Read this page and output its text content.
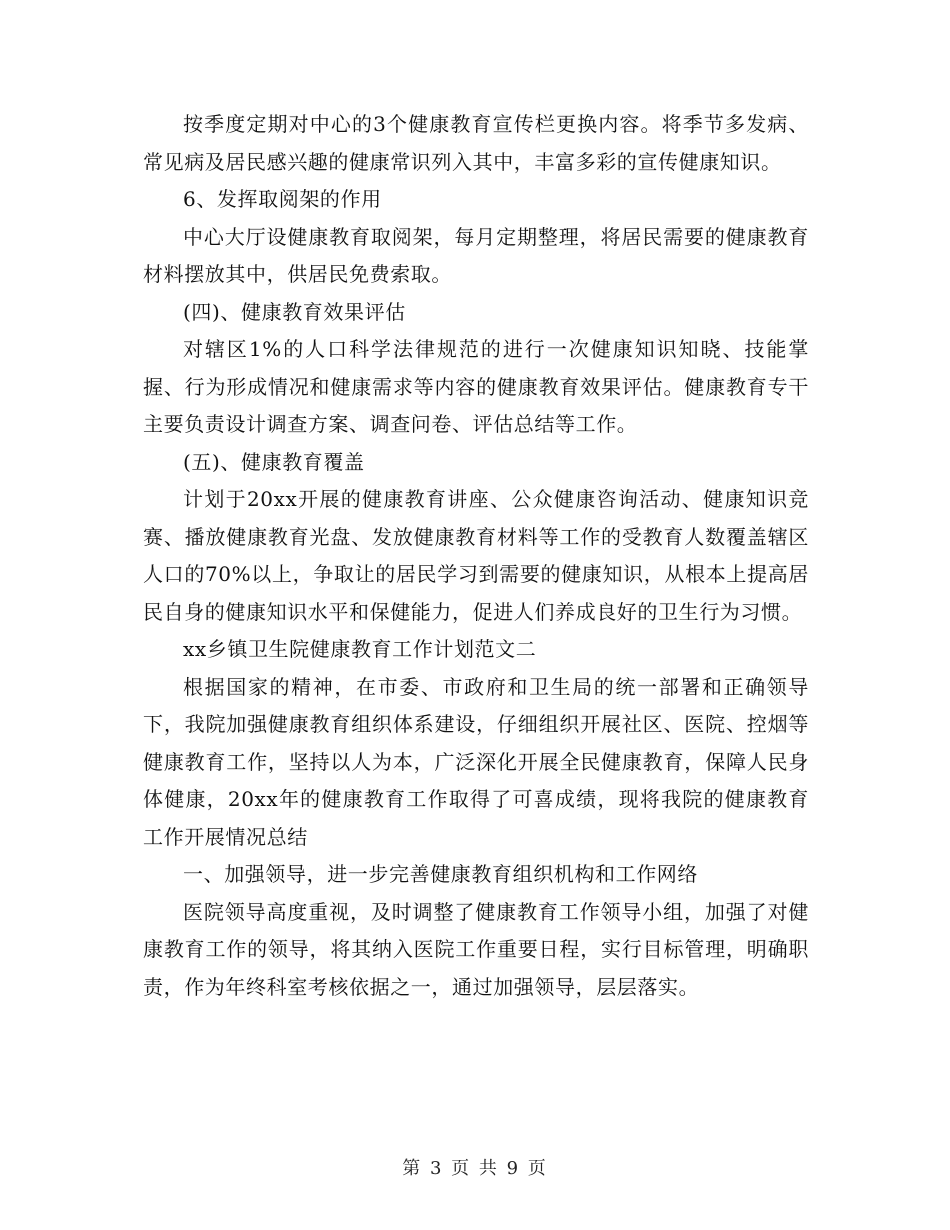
按季度定期对中心的3个健康教育宣传栏更换内容。将季节多发病、常见病及居民感兴趣的健康常识列入其中，丰富多彩的宣传健康知识。

6、发挥取阅架的作用

中心大厅设健康教育取阅架，每月定期整理，将居民需要的健康教育材料摆放其中，供居民免费索取。

(四)、健康教育效果评估

对辖区1%的人口科学法律规范的进行一次健康知识知晓、技能掌握、行为形成情况和健康需求等内容的健康教育效果评估。健康教育专干主要负责设计调查方案、调查问卷、评估总结等工作。

(五)、健康教育覆盖

计划于20xx开展的健康教育讲座、公众健康咨询活动、健康知识竞赛、播放健康教育光盘、发放健康教育材料等工作的受教育人数覆盖辖区人口的70%以上，争取让的居民学习到需要的健康知识，从根本上提高居民自身的健康知识水平和保健能力，促进人们养成良好的卫生行为习惯。

xx乡镇卫生院健康教育工作计划范文二

根据国家的精神，在市委、市政府和卫生局的统一部署和正确领导下，我院加强健康教育组织体系建设，仔细组织开展社区、医院、控烟等健康教育工作，坚持以人为本，广泛深化开展全民健康教育，保障人民身体健康，20xx年的健康教育工作取得了可喜成绩，现将我院的健康教育工作开展情况总结

一、加强领导，进一步完善健康教育组织机构和工作网络

医院领导高度重视，及时调整了健康教育工作领导小组，加强了对健康教育工作的领导，将其纳入医院工作重要日程，实行目标管理，明确职责，作为年终科室考核依据之一，通过加强领导，层层落实。

第 3 页 共 9 页
